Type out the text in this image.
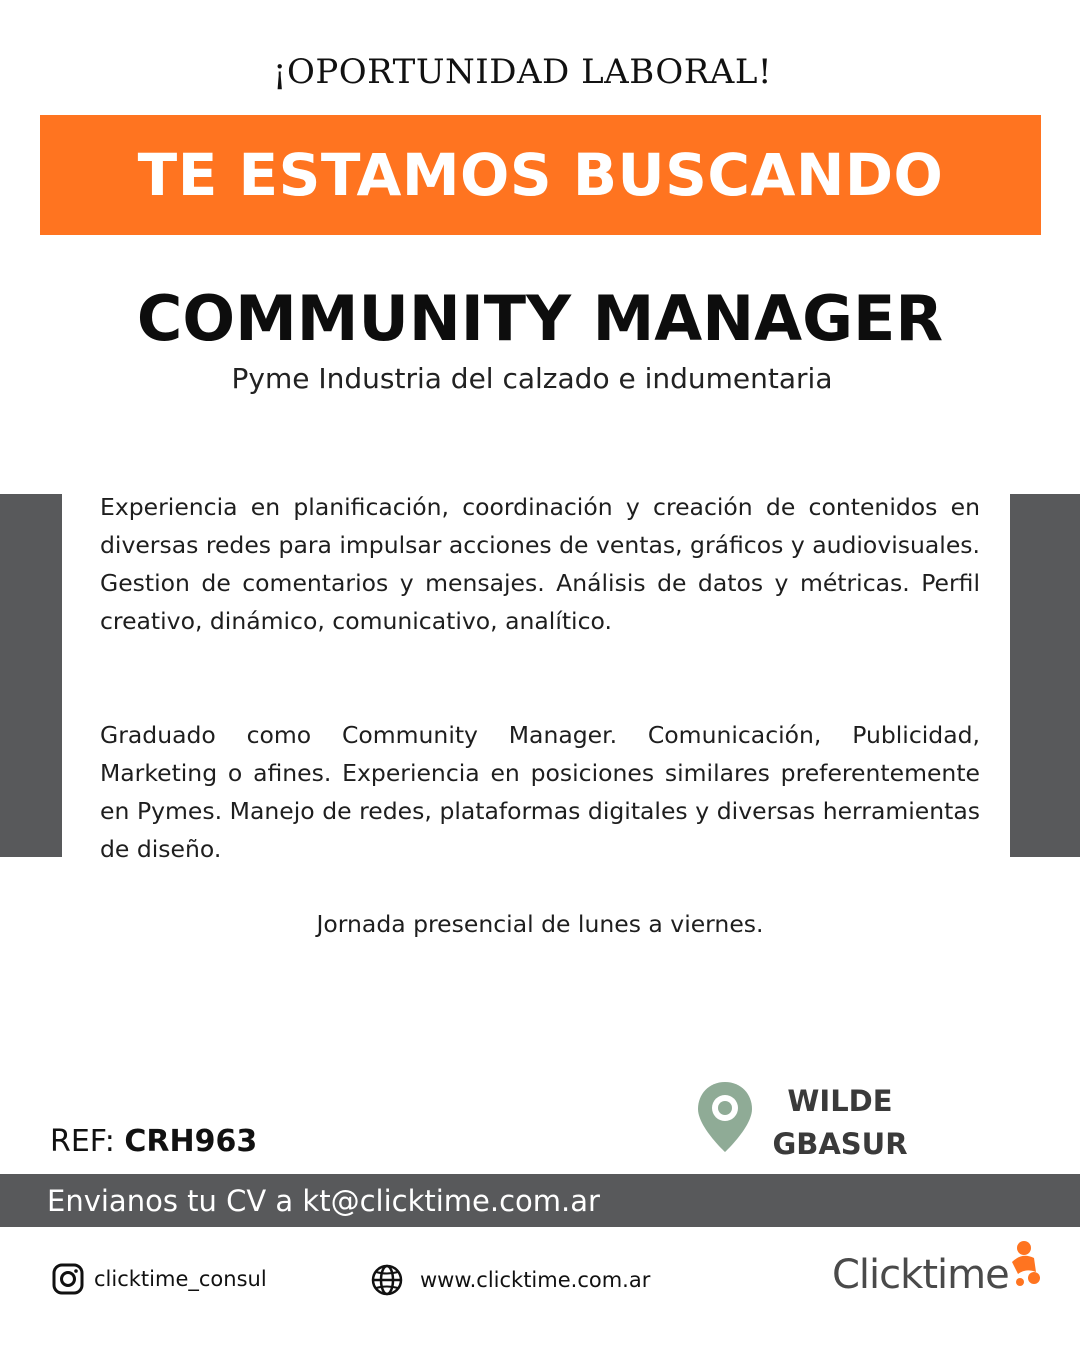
¡OPORTUNIDAD LABORAL!
TE ESTAMOS BUSCANDO
COMMUNITY MANAGER
Pyme Industria del calzado e indumentaria

Experiencia en planificación, coordinación y creación de contenidos en diversas redes para impulsar acciones de ventas, gráficos y audiovisuales. Gestion de comentarios y mensajes. Análisis de datos y métricas. Perfil creativo, dinámico, comunicativo, analítico.

Graduado como Community Manager. Comunicación, Publicidad, Marketing o afines. Experiencia en posiciones similares preferentemente en Pymes. Manejo de redes, plataformas digitales y diversas herramientas de diseño.

Jornada presencial de lunes a viernes.
REF: CRH963
WILDE
GBASUR
Envianos tu CV a kt@clicktime.com.ar
clicktime_consul	www.clicktime.com.ar	Clicktime
